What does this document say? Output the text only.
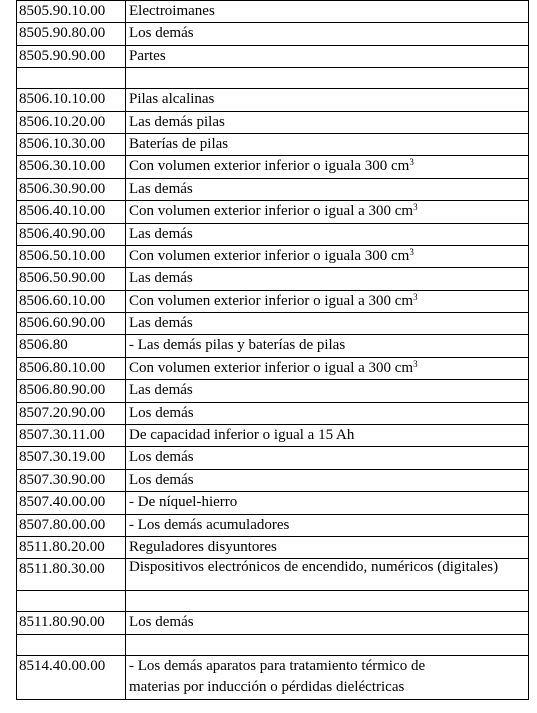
8505.90.10.00	Electroimanes
8505.90.80.00	Los demás
8505.90.90.00	Partes

8506.10.10.00	Pilas alcalinas
8506.10.20.00	Las demás pilas
8506.10.30.00	Baterías de pilas
8506.30.10.00	Con volumen exterior inferior o iguala 300 $cm^3$
8506.30.90.00	Las demás
8506.40.10.00	Con volumen exterior inferior o igual a 300 $cm^3$
8506.40.90.00	Las demás
8506.50.10.00	Con volumen exterior inferior o iguala 300 $cm^3$
8506.50.90.00	Las demás
8506.60.10.00	Con volumen exterior inferior o igual a 300 $cm^3$
8506.60.90.00	Las demás
8506.80	- Las demás pilas y baterías de pilas
8506.80.10.00	Con volumen exterior inferior o igual a 300 $cm^3$
8506.80.90.00	Las demás
8507.20.90.00	Los demás
8507.30.11.00	De capacidad inferior o igual a 15 Ah
8507.30.19.00	Los demás
8507.30.90.00	Los demás
8507.40.00.00	- De níquel-hierro
8507.80.00.00	- Los demás acumuladores
8511.80.20.00	Reguladores disyuntores
8511.80.30.00	Dispositivos electrónicos de encendido, numéricos (digitales)

8511.80.90.00	Los demás

8514.40.00.00	- Los demás aparatos para tratamiento térmico de
	materias por inducción o pérdidas dieléctricas
